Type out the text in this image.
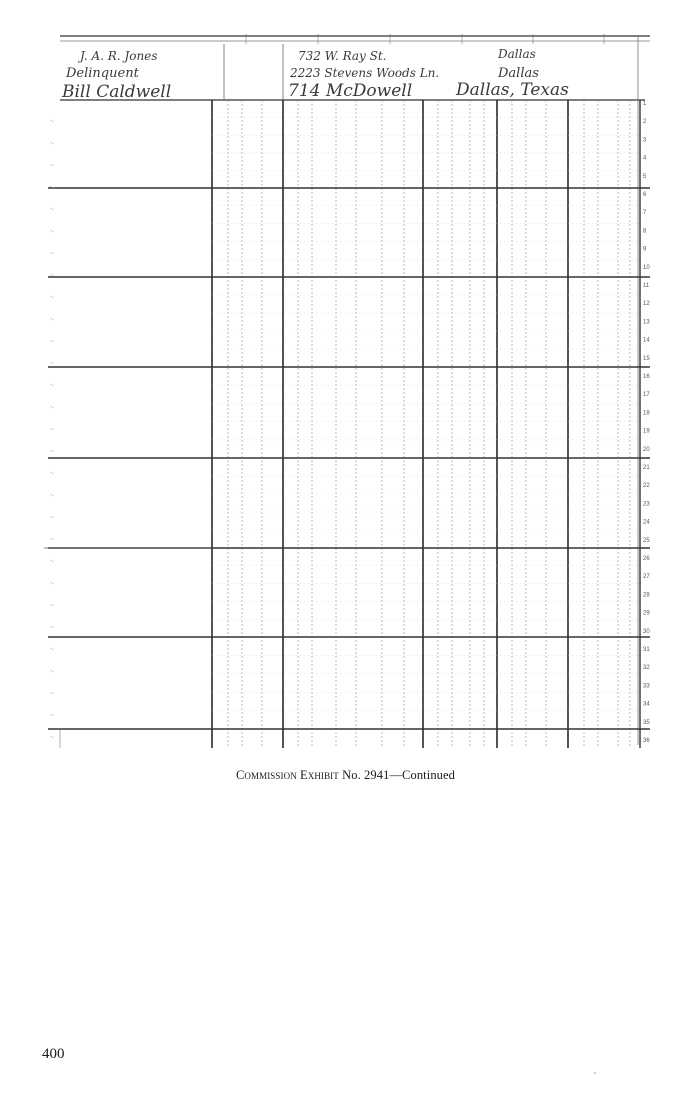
J. A. R. Jones	732 W. Ray St.	Dallas
Delinquent	2223 Stevens Woods Ln.	Dallas
Bill Caldwell	714 McDowell	Dallas, Texas
1
2
3
4
5
6
7
8
9
10
11
12
13
14
15
16
17
18
19
20
21
22
23
24
25
26
27
28
29
30
31
32
33
34
35
36
Commission Exhibit No. 2941—Continued
400
